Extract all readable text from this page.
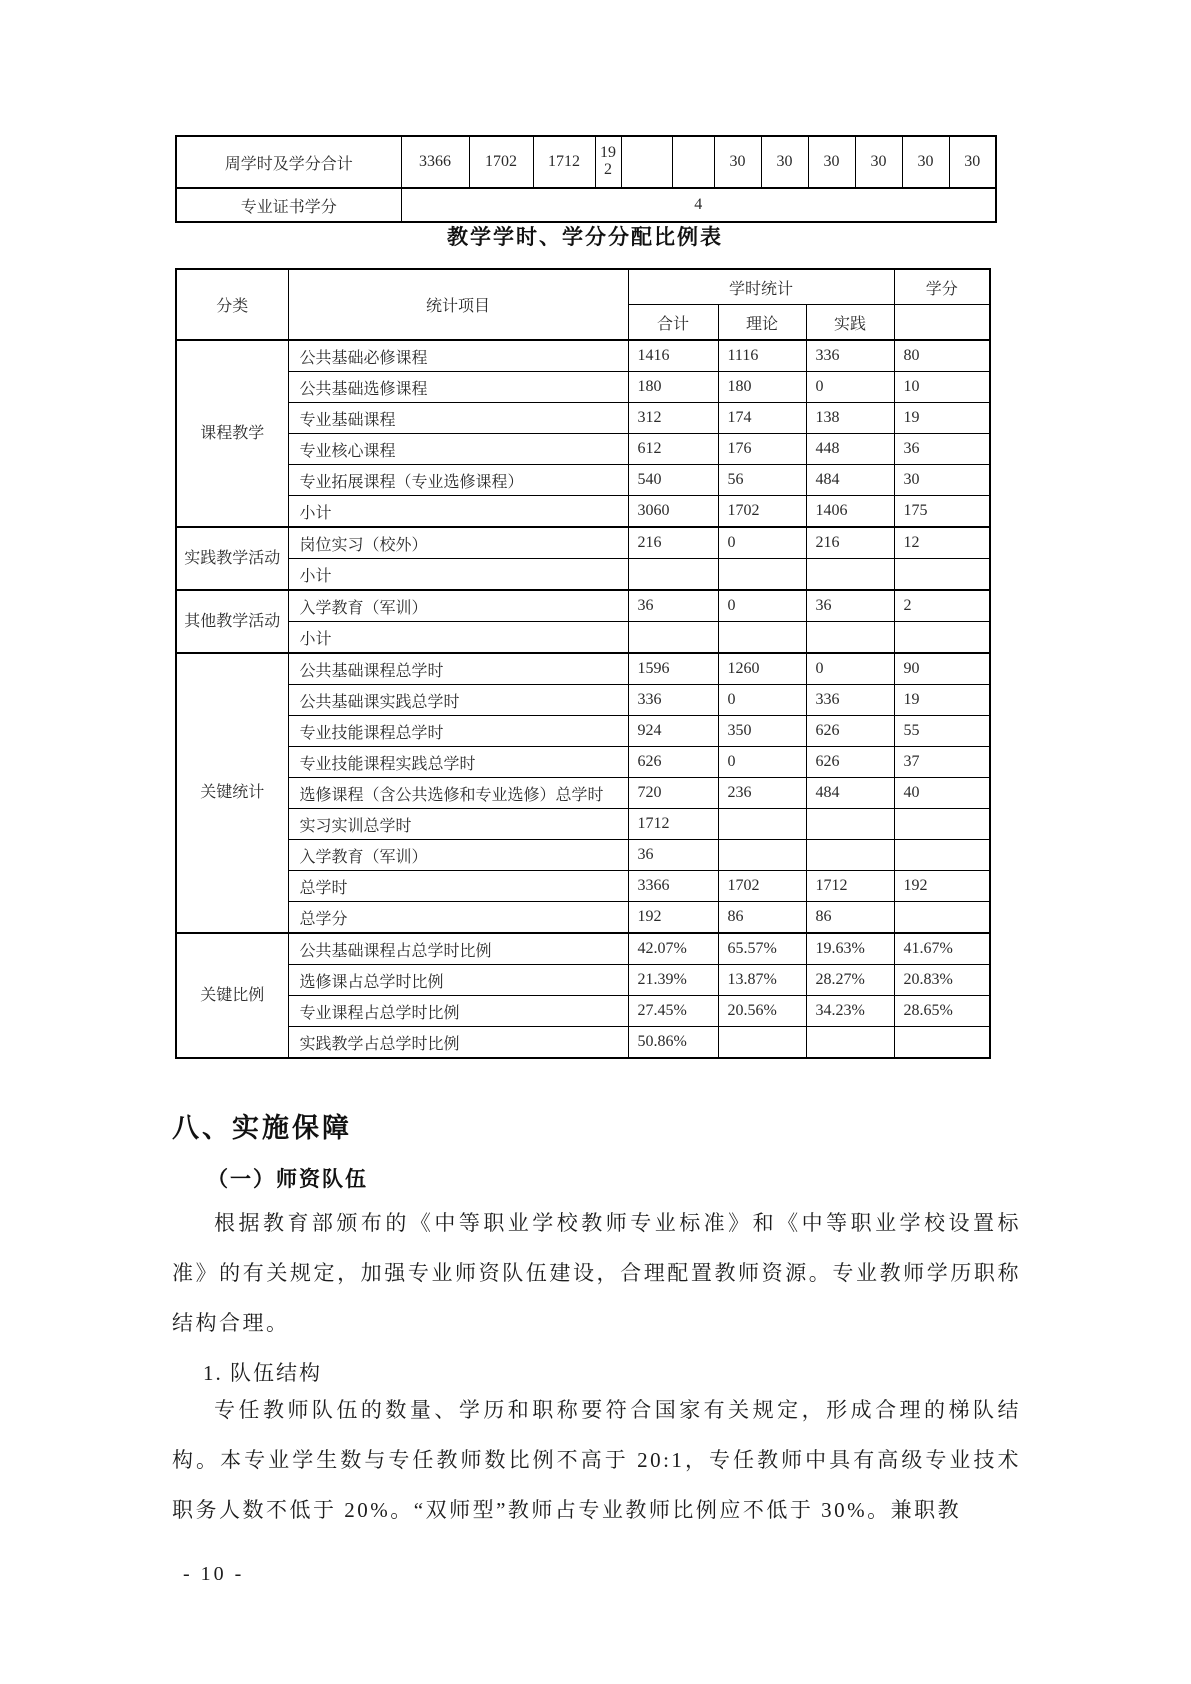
周学时及学分合计	3366	1702	1712	192			30	30	30	30	30	30
专业证书学分	4											
教学学时、学分分配比例表
分类	统计项目	学时统计			学分
		合计	理论	实践	
课程教学	公共基础必修课程	1416	1116	336	80
	公共基础选修课程	180	180	0	10
	专业基础课程	312	174	138	19
	专业核心课程	612	176	448	36
	专业拓展课程（专业选修课程）	540	56	484	30
	小计	3060	1702	1406	175
实践教学活动	岗位实习（校外）	216	0	216	12
	小计				
其他教学活动	入学教育（军训）	36	0	36	2
	小计				
关键统计	公共基础课程总学时	1596	1260	0	90
	公共基础课实践总学时	336	0	336	19
	专业技能课程总学时	924	350	626	55
	专业技能课程实践总学时	626	0	626	37
	选修课程（含公共选修和专业选修）总学时	720	236	484	40
	实习实训总学时	1712			
	入学教育（军训）	36			
	总学时	3366	1702	1712	192
	总学分	192	86	86	
关键比例	公共基础课程占总学时比例	42.07%	65.57%	19.63%	41.67%
	选修课占总学时比例	21.39%	13.87%	28.27%	20.83%
	专业课程占总学时比例	27.45%	20.56%	34.23%	28.65%
	实践教学占总学时比例	50.86%			
八、实施保障
（一）师资队伍

根据教育部颁布的《中等职业学校教师专业标准》和《中等职业学校设置标准》的有关规定，加强专业师资队伍建设，合理配置教师资源。专业教师学历职称结构合理。

1. 队伍结构

专任教师队伍的数量、学历和职称要符合国家有关规定，形成合理的梯队结构。本专业学生数与专任教师数比例不高于 20:1，专任教师中具有高级专业技术职务人数不低于 20%。“双师型”教师占专业教师比例应不低于 30%。兼职教

- 10 -
